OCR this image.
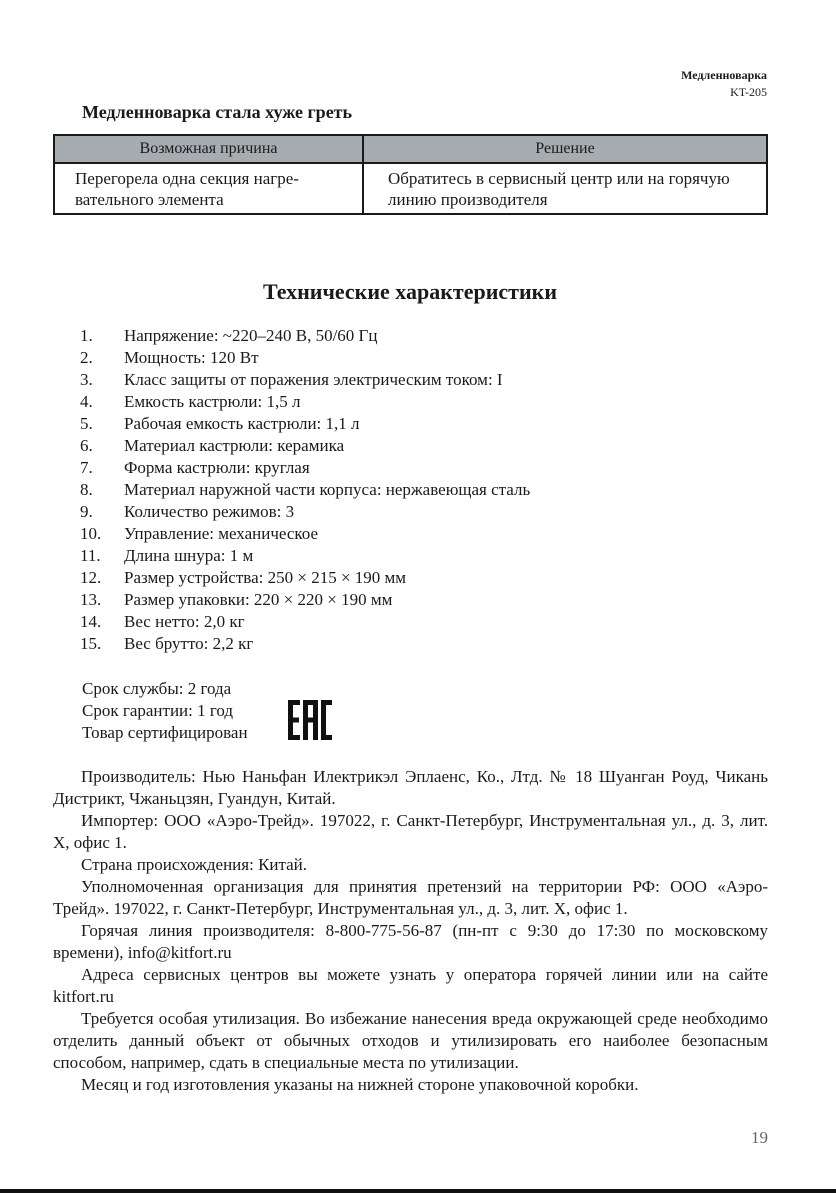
Медленноварка
KT-205
Медленноварка стала хуже греть
Возможная причина	Решение
Перегорела одна секция нагре-вательного элемента	Обратитесь в сервисный центр или на горячую линию производителя
Технические характеристики
1.	Напряжение: ~220–240 В, 50/60 Гц
2.	Мощность: 120 Вт
3.	Класс защиты от поражения электрическим током: I
4.	Емкость кастрюли: 1,5 л
5.	Рабочая емкость кастрюли: 1,1 л
6.	Материал кастрюли: керамика
7.	Форма кастрюли: круглая
8.	Материал наружной части корпуса: нержавеющая сталь
9.	Количество режимов: 3
10.	Управление: механическое
11.	Длина шнура: 1 м
12.	Размер устройства: 250 × 215 × 190 мм
13.	Размер упаковки: 220 × 220 × 190 мм
14.	Вес нетто: 2,0 кг
15.	Вес брутто: 2,2 кг
Срок службы: 2 года
Срок гарантии: 1 год
Товар сертифицирован

Производитель: Нью Наньфан Илектрикэл Эплаенс, Ко., Лтд. № 18 Шуанган Роуд, Чикань Дистрикт, Чжаньцзян, Гуандун, Китай.

Импортер: ООО «Аэро-Трейд». 197022, г. Санкт-Петербург, Инструментальная ул., д. 3, лит. Х, офис 1.

Страна происхождения: Китай.

Уполномоченная организация для принятия претензий на территории РФ: ООО «Аэро-Трейд». 197022, г. Санкт-Петербург, Инструментальная ул., д. 3, лит. Х, офис 1.

Горячая линия производителя: 8-800-775-56-87 (пн-пт с 9:30 до 17:30 по московскому времени), info@kitfort.ru

Адреса сервисных центров вы можете узнать у оператора горячей линии или на сайте kitfort.ru

Требуется особая утилизация. Во избежание нанесения вреда окружающей среде необходимо отделить данный объект от обычных отходов и утилизировать его наиболее безопасным способом, например, сдать в специальные места по утилизации.

Месяц и год изготовления указаны на нижней стороне упаковочной коробки.

19
